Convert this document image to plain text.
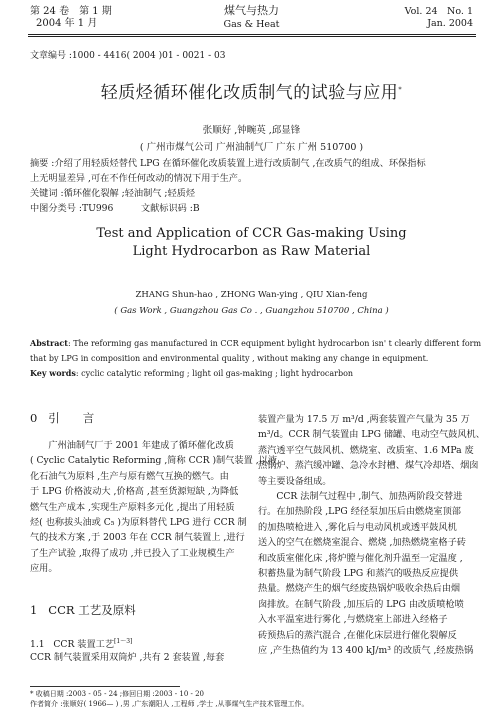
第 24 卷　第 1 期
2004 年 1 月
煤气与热力
Gas & Heat
Vol. 24　No. 1
Jan. 2004
文章编号 :1000 - 4416( 2004 )01 - 0021 - 03
轻质烃循环催化改质制气的试验与应用*
张顺好 ,钟畹英 ,邱显锋
( 广州市煤气公司 广州油制气厂 广东 广州 510700 )
摘要 :介绍了用轻质烃替代 LPG 在循环催化改质装置上进行改质制气 ,在改质气的组成、环保指标
上无明显差异 ,可在不作任何改动的情况下用于生产。
关键词 :循环催化裂解 ;轻油制气 ;轻质烃
中图分类号 :TU996　　　文献标识码 :B
Test and Application of CCR Gas-making Using
Light Hydrocarbon as Raw Material
ZHANG Shun-hao , ZHONG Wan-ying , QIU Xian-feng
( Gas Work , Guangzhou Gas Co . , Guangzhou 510700 , China )
Abstract: The reforming gas manufactured in CCR equipment bylight hydrocarbon isn' t clearly different form
that by LPG in composition and environmental quality , without making any change in equipment.
Key words: cyclic catalytic reforming ; light oil gas-making ; light hydrocarbon
0 引　　言
　　广州油制气厂于 2001 年建成了循环催化改质
( Cyclic Catalytic Reforming ,简称 CCR )制气装置 ,以液
化石油气为原料 ,生产与原有燃气互换的燃气。由
于 LPG 价格波动大 ,价格高 ,甚至货源短缺 ,为降低
燃气生产成本 ,实现生产原料多元化 ,提出了用轻质
烃( 也称拔头油或 C₅ )为原料替代 LPG 进行 CCR 制
气的技术方案 ,于 2003 年在 CCR 制气装置上 ,进行
了生产试验 ,取得了成功 ,并已投入了工业规模生产
应用。
1 CCR 工艺及原料
1.1 CCR 装置工艺[1～3]
CCR 制气装置采用双筒炉 ,共有 2 套装置 ,每套
装置产量为 17.5 万 m³/d ,两套装置产气量为 35 万
m³/d。CCR 制气装置由 LPG 储罐、电动空气鼓风机、
蒸汽透平空气鼓风机、燃烧室、改质室、1.6 MPa 废
热锅炉、蒸汽缓冲罐、急冷水封槽、煤气冷却塔、烟囱
等主要设备组成。
　　CCR 法制气过程中 ,制气、加热两阶段交替进
行。在加热阶段 ,LPG 经径泵加压后由燃烧室顶部
的加热喷枪进入 ,雾化后与电动风机或透平鼓风机
送入的空气在燃烧室混合、燃烧 ,加热燃烧室格子砖
和改质室催化床 ,将炉膛与催化剂升温至一定温度 ,
积蓄热量为制气阶段 LPG 和蒸汽的吸热反应提供
热量。燃烧产生的烟气经废热锅炉吸收余热后由烟
囱排放。在制气阶段 ,加压后的 LPG 由改质喷枪喷
入水平温室进行雾化 ,与燃烧室上部进入经格子
砖预热后的蒸汽混合 ,在催化床层进行催化裂解反
应 ,产生热值约为 13 400 kJ/m³ 的改质气 ,经废热锅
* 收稿日期 :2003 - 05 - 24 ;修回日期 :2003 - 10 - 20
作者简介 :张顺好( 1966— ) ,男 ,广东潮阳人 ,工程师 ,学士 ,从事煤气生产技术管理工作。
